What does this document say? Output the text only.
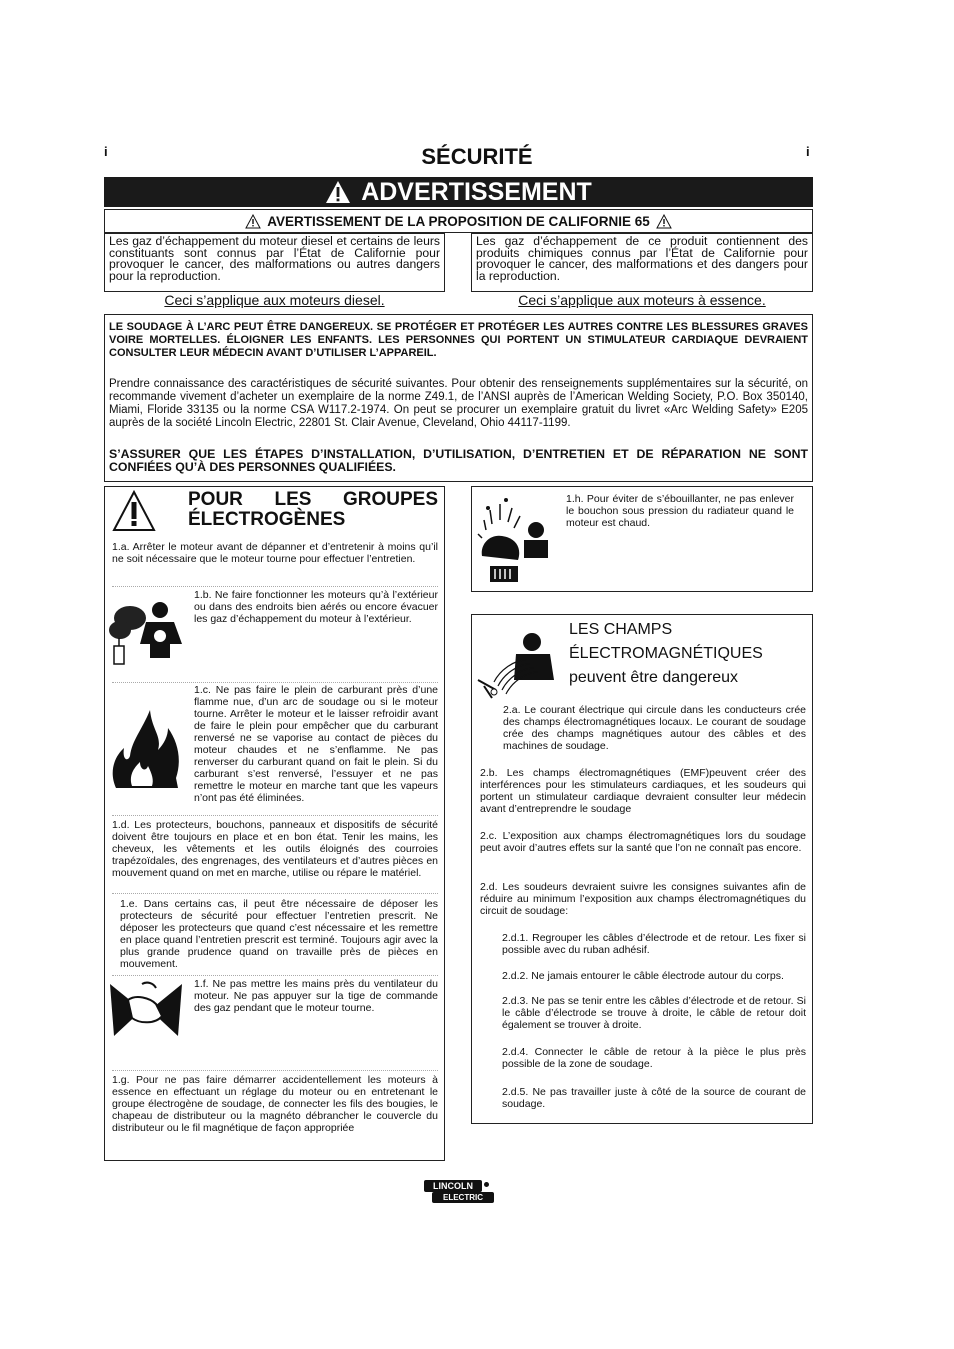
i	i
SÉCURITÉ
ADVERTISSEMENT
AVERTISSEMENT DE LA PROPOSITION DE CALIFORNIE 65
Les gaz d’échappement du moteur diesel et certains de leurs constituants sont connus par l’État de Californie pour provoquer le cancer, des malformations ou autres dangers pour la reproduction.
Les gaz d’échappement de ce produit contiennent des produits chimiques connus par l’État de Californie pour provoquer le cancer, des malformations et des dangers pour la reproduction.
Ceci s’applique aux moteurs diesel.	Ceci s’applique aux moteurs à essence.
LE SOUDAGE À L’ARC PEUT ÊTRE DANGEREUX. SE PROTÉGER ET PROTÉGER LES AUTRES CONTRE LES BLESSURES GRAVES VOIRE MORTELLES. ÉLOIGNER LES ENFANTS. LES PERSONNES QUI PORTENT UN STIMULATEUR CARDIAQUE DEVRAIENT CONSULTER LEUR MÉDECIN AVANT D’UTILISER L’APPAREIL.

Prendre connaissance des caractéristiques de sécurité suivantes. Pour obtenir des renseignements supplémentaires sur la sécurité, on recommande vivement d’acheter un exemplaire de la norme Z49.1, de l’ANSI auprès de l’American Welding Society, P.O. Box 350140, Miami, Floride 33135 ou la norme CSA W117.2-1974. On peut se procurer un exemplaire gratuit du livret «Arc Welding Safety» E205 auprès de la société Lincoln Electric, 22801 St. Clair Avenue, Cleveland, Ohio 44117-1199.

S’ASSURER QUE LES ÉTAPES D’INSTALLATION, D’UTILISATION, D’ENTRETIEN ET DE RÉPARATION NE SONT CONFIÉES QU’À DES PERSONNES QUALIFIÉES.
POUR LES GROUPES
ÉLECTROGÈNES
1.a. Arrêter le moteur avant de dépanner et d’entretenir à moins qu’il ne soit nécessaire que le moteur tourne pour effectuer l’entretien.
1.b. Ne faire fonctionner les moteurs qu’à l’extérieur ou dans des endroits bien aérés ou encore évacuer les gaz d’échappement du moteur à l’extérieur.
1.c. Ne pas faire le plein de carburant près d’une flamme nue, d’un arc de soudage ou si le moteur tourne. Arrêter le moteur et le laisser refroidir avant de faire le plein pour empêcher que du carburant renversé ne se vaporise au contact de pièces du moteur chaudes et ne s’enflamme. Ne pas renverser du carburant quand on fait le plein. Si du carburant s’est renversé, l’essuyer et ne pas remettre le moteur en marche tant que les vapeurs n’ont pas été éliminées.
1.d. Les protecteurs, bouchons, panneaux et dispositifs de sécurité doivent être toujours en place et en bon état. Tenir les mains, les cheveux, les vêtements et les outils éloignés des courroies trapézoïdales, des engrenages, des ventilateurs et d’autres pièces en mouvement quand on met en marche, utilise ou répare le matériel.
1.e. Dans certains cas, il peut être nécessaire de déposer les protecteurs de sécurité pour effectuer l’entretien prescrit. Ne déposer les protecteurs que quand c’est nécessaire et les remettre en place quand l’entretien prescrit est terminé. Toujours agir avec la plus grande prudence quand on travaille près de pièces en mouvement.
1.f. Ne pas mettre les mains près du ventilateur du moteur. Ne pas appuyer sur la tige de commande des gaz pendant que le moteur tourne.
1.g. Pour ne pas faire démarrer accidentellement les moteurs à essence en effectuant un réglage du moteur ou en entretenant le groupe électrogène de soudage, de connecter les fils des bougies, le chapeau de distributeur ou la magnéto débrancher le couvercle du distributeur ou le fil magnétique de façon appropriée
1.h. Pour éviter de s’ébouillanter, ne pas enlever le bouchon sous pression du radiateur quand le moteur est chaud.
LES CHAMPS
ÉLECTROMAGNÉTIQUES
peuvent être dangereux
2.a. Le courant électrique qui circule dans les conducteurs crée des champs électromagnétiques locaux. Le courant de soudage crée des champs magnétiques autour des câbles et des machines de soudage.
2.b. Les champs électromagnétiques (EMF)peuvent créer des interférences pour les stimulateurs cardiaques, et les soudeurs qui portent un stimulateur cardiaque devraient consulter leur médecin avant d’entreprendre le soudage
2.c. L’exposition aux champs électromagnétiques lors du soudage peut avoir d’autres effets sur la santé que l’on ne connaît pas encore.
2.d. Les soudeurs devraient suivre les consignes suivantes afin de réduire au minimum l’exposition aux champs électromagnétiques du circuit de soudage:
2.d.1. Regrouper les câbles d’électrode et de retour. Les fixer si possible avec du ruban adhésif.
2.d.2. Ne jamais entourer le câble électrode autour du corps.
2.d.3. Ne pas se tenir entre les câbles d’électrode et de retour. Si le câble d’électrode se trouve à droite, le câble de retour doit également se trouver à droite.
2.d.4. Connecter le câble de retour à la pièce le plus près possible de la zone de soudage.
2.d.5. Ne pas travailler juste à côté de la source de courant de soudage.
LINCOLN
ELECTRIC
